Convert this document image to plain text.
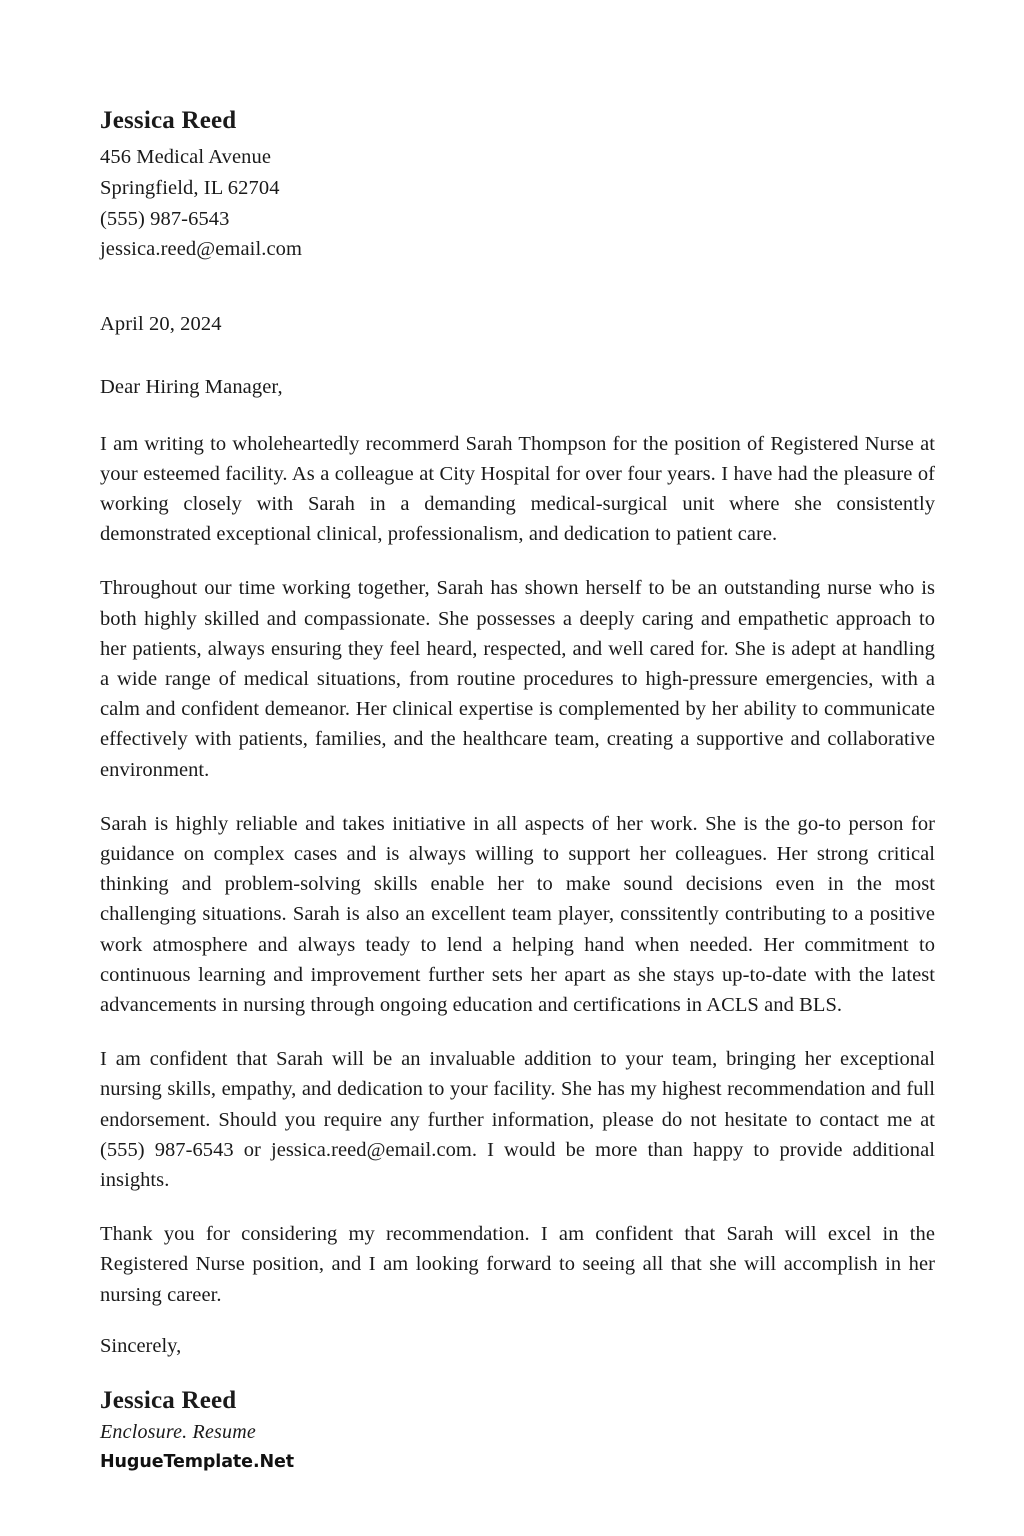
Jessica Reed

456 Medical Avenue

Springfield, IL 62704

(555) 987-6543

jessica.reed@email.com

April 20, 2024

Dear Hiring Manager,

I am writing to wholeheartedly recommerd Sarah Thompson for the position of Registered Nurse at your esteemed facility. As a colleague at City Hospital for over four years. I have had the pleasure of working closely with Sarah in a demanding medical-surgical unit where she consistently demonstrated exceptional clinical, professionalism, and dedication to patient care.

Throughout our time working together, Sarah has shown herself to be an outstanding nurse who is both highly skilled and compassionate. She possesses a deeply caring and empathetic approach to her patients, always ensuring they feel heard, respected, and well cared for. She is adept at handling a wide range of medical situations, from routine procedures to high-pressure emergencies, with a calm and confident demeanor. Her clinical expertise is complemented by her ability to communicate effectively with patients, families, and the healthcare team, creating a supportive and collaborative environment.

Sarah is highly reliable and takes initiative in all aspects of her work. She is the go-to person for guidance on complex cases and is always willing to support her colleagues. Her strong critical thinking and problem-solving skills enable her to make sound decisions even in the most challenging situations. Sarah is also an excellent team player, conssitently contributing to a positive work atmosphere and always teady to lend a helping hand when needed. Her commitment to continuous learning and improvement further sets her apart as she stays up-to-date with the latest advancements in nursing through ongoing education and certifications in ACLS and BLS.

I am confident that Sarah will be an invaluable addition to your team, bringing her exceptional nursing skills, empathy, and dedication to your facility. She has my highest recommendation and full endorsement. Should you require any further information, please do not hesitate to contact me at (555) 987-6543 or jessica.reed@email.com. I would be more than happy to provide additional insights.

Thank you for considering my recommendation. I am confident that Sarah will excel in the Registered Nurse position, and I am looking forward to seeing all that she will accomplish in her nursing career.

Sincerely,

Jessica Reed

Enclosure. Resume

HugueTemplate.Net
